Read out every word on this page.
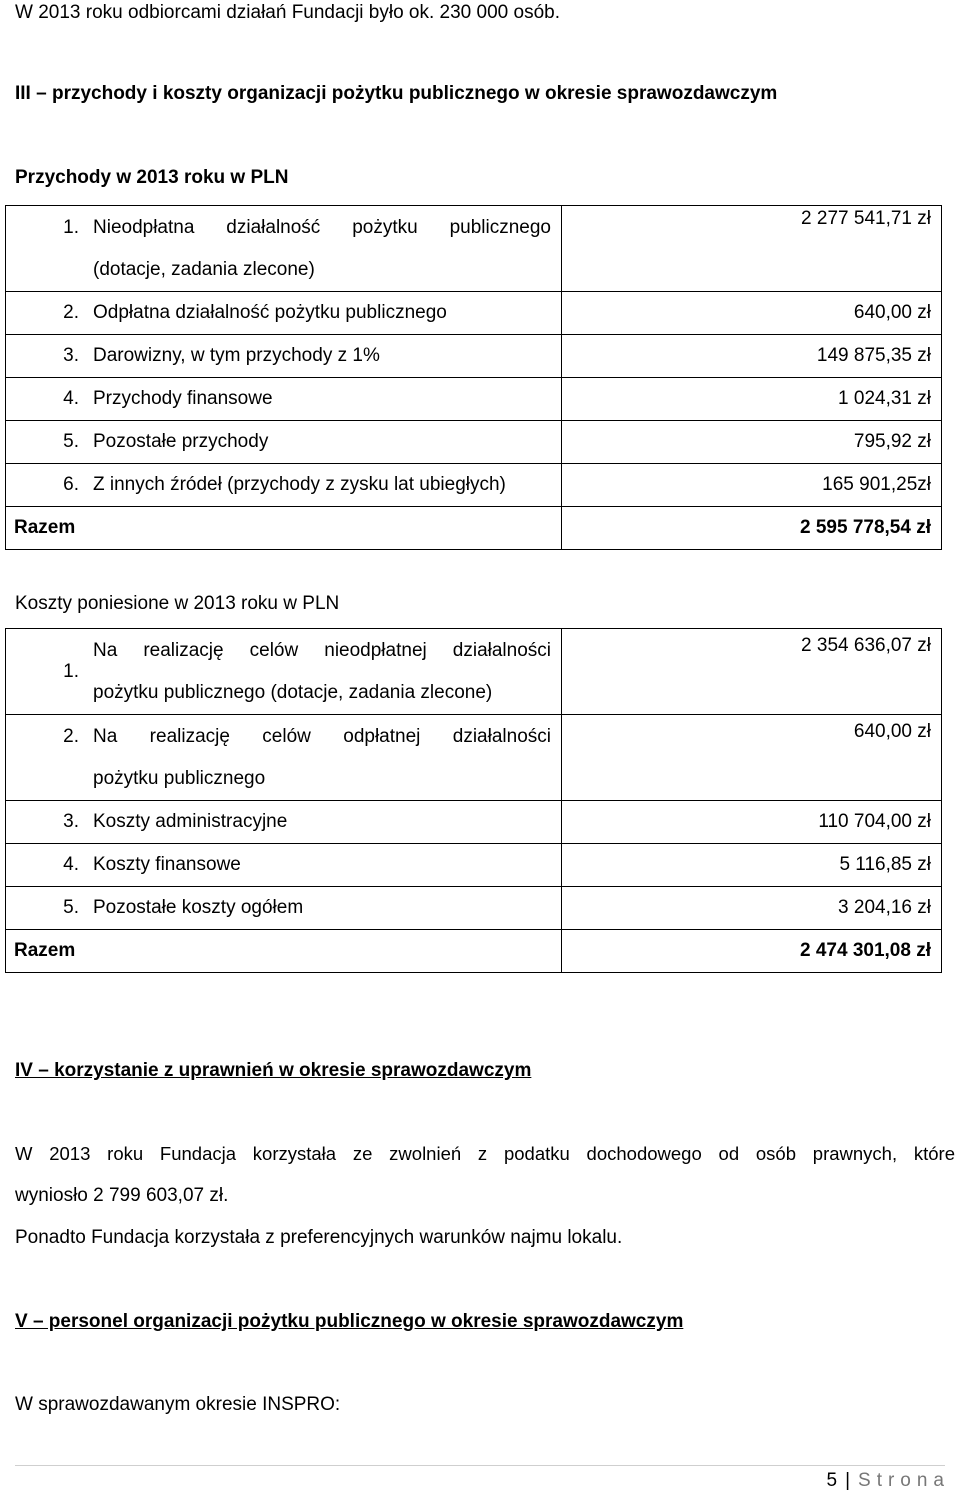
W 2013 roku odbiorcami działań Fundacji było ok. 230 000 osób.
III – przychody i koszty organizacji pożytku publicznego w okresie sprawozdawczym
Przychody w 2013 roku w PLN
1. Nieodpłatna działalność pożytku publicznego
(dotacje, zadania zlecone)	2 277 541,71 zł

2. Odpłatna działalność pożytku publicznego	640,00 zł

3. Darowizny, w tym przychody z 1%	149 875,35 zł

4. Przychody finansowe	1 024,31 zł

5. Pozostałe przychody	795,92 zł

6. Z innych źródeł (przychody z zysku lat ubiegłych)	165 901,25zł
Razem	2 595 778,54 zł
Koszty poniesione w 2013 roku w PLN
1.
Na realizację celów nieodpłatnej działalności
pożytku publicznego (dotacje, zadania zlecone)	2 354 636,07 zł

2. Na realizację celów odpłatnej działalności
pożytku publicznego	640,00 zł

3. Koszty administracyjne	110 704,00 zł

4. Koszty finansowe	5 116,85 zł

5. Pozostałe koszty ogółem	3 204,16 zł
Razem	2 474 301,08 zł
IV – korzystanie z uprawnień w okresie sprawozdawczym
W 2013 roku Fundacja korzystała ze zwolnień z podatku dochodowego od osób prawnych, które
wyniosło 2 799 603,07 zł.
Ponadto Fundacja korzystała z preferencyjnych warunków najmu lokalu.
V – personel organizacji pożytku publicznego w okresie sprawozdawczym
W sprawozdawanym okresie INSPRO:
5 | Strona
